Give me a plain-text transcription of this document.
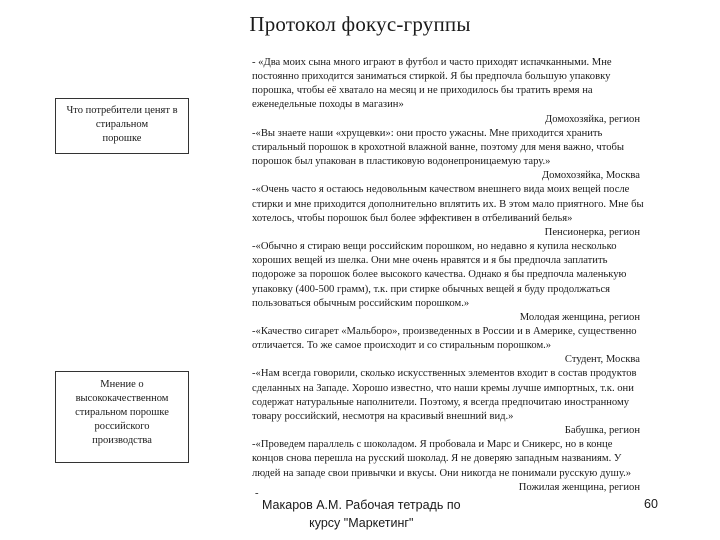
Протокол фокус-группы
Что потребители ценят в
стиральном
порошке
Мнение о
высококачественном
стиральном порошке
российского
производства
- «Два моих сына много играют в футбол и часто приходят испачканными. Мне
постоянно приходится заниматься стиркой. Я бы предпочла большую упаковку
порошка, чтобы её хватало на месяц и не приходилось бы тратить время на
еженедельные походы в магазин»
Домохозяйка, регион
-«Вы знаете наши «хрущевки»: они просто ужасны. Мне приходится хранить
стиральный порошок в крохотной влажной ванне, поэтому для меня важно, чтобы
порошок был упакован в пластиковую водонепроницаемую тару.»
Домохозяйка, Москва
-«Очень часто я остаюсь недовольным качеством внешнего вида моих вещей после
стирки и мне приходится дополнительно вплятить их. В этом мало приятного. Мне бы
хотелось, чтобы порошок был более эффективен в отбеливаний белья»
Пенсионерка, регион
-«Обычно я стираю вещи российским порошком, но недавно я купила несколько
хороших вещей из шелка. Они мне очень нравятся и я бы предпочла заплатить
подороже за порошок более высокого качества. Однако я бы предпочла маленькую
упаковку (400-500 грамм), т.к. при стирке обычных вещей я буду продолжаться
пользоваться обычным российским порошком.»
Молодая женщина, регион
-«Качество сигарет «Мальборо», произведенных в России и в Америке, существенно
отличается. То же самое происходит и со стиральным порошком.»
Студент, Москва
-«Нам всегда говорили, сколько искусственных элементов входит в состав продуктов
сделанных на Западе. Хорошо известно, что наши кремы лучше импортных, т.к. они
содержат натуральные наполнители. Поэтому, я всегда предпочитаю иностранному
товару российский, несмотря на красивый внешний вид.»
Бабушка, регион
-«Проведем параллель с шоколадом. Я пробовала и Марс и Сникерс, но в конце
концов снова перешла на русский шоколад. Я не доверяю западным названиям. У
людей на западе свои привычки и вкусы. Они никогда не понимали русскую душу.»
Пожилая женщина, регион
-
Макаров А.М. Рабочая тетрадь по
курсу "Маркетинг"
60
